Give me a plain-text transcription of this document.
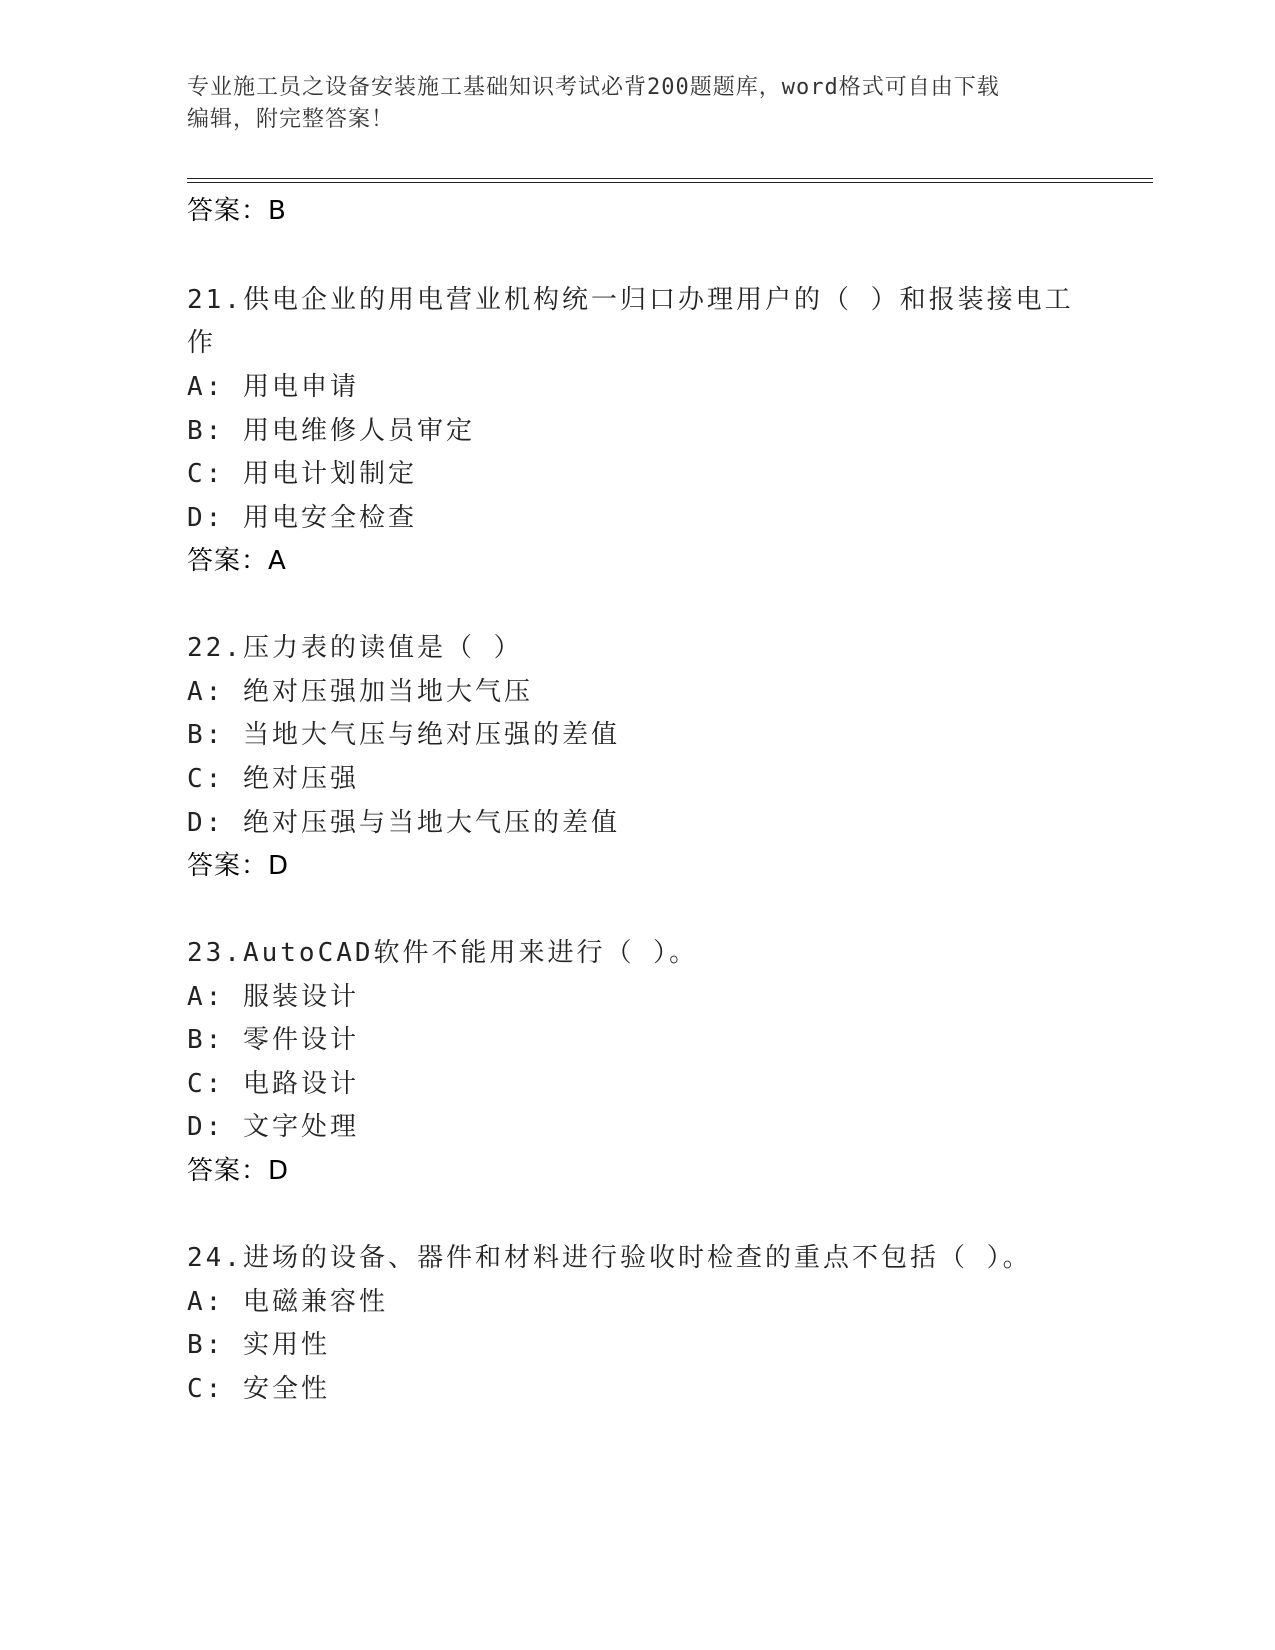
专业施工员之设备安装施工基础知识考试必背200题题库，word格式可自由下载
编辑，附完整答案！
答案：B
21.供电企业的用电营业机构统一归口办理用户的（ ）和报装接电工
作
A: 用电申请
B: 用电维修人员审定
C: 用电计划制定
D: 用电安全检查
答案：A
22.压力表的读值是（ ）
A: 绝对压强加当地大气压
B: 当地大气压与绝对压强的差值
C: 绝对压强
D: 绝对压强与当地大气压的差值
答案：D
23.AutoCAD软件不能用来进行（ ）。
A: 服装设计
B: 零件设计
C: 电路设计
D: 文字处理
答案：D
24.进场的设备、器件和材料进行验收时检查的重点不包括（ ）。
A: 电磁兼容性
B: 实用性
C: 安全性
